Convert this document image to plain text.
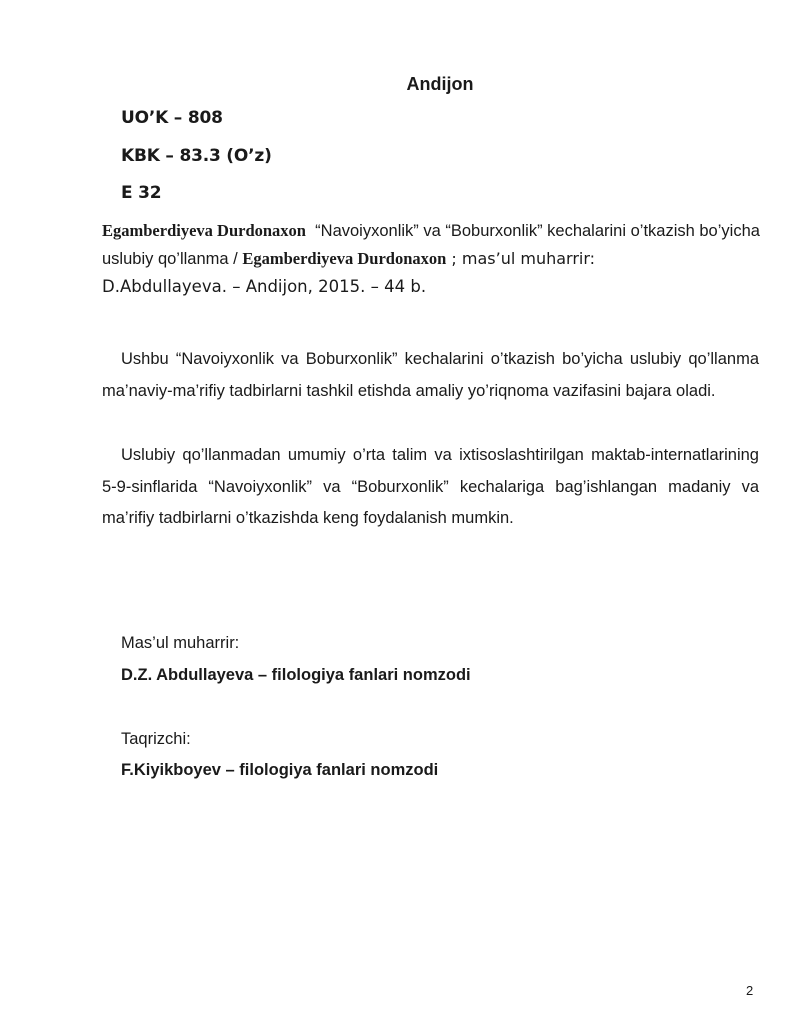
Andijon
UO’K – 808
KBK – 83.3 (O’z)
E 32
Egamberdiyeva Durdonaxon “Navoiyxonlik” va “Boburxonlik” kechalarini o’tkazish bo’yicha uslubiy qo’llanma / Egamberdiyeva Durdonaxon ; mas’ul muharrir:
D.Abdullayeva. – Andijon, 2015. – 44 b.

Ushbu “Navoiyxonlik va Boburxonlik” kechalarini o’tkazish bo’yicha uslubiy qo’llanma ma’naviy-ma’rifiy tadbirlarni tashkil etishda amaliy yo’riqnoma vazifasini bajara oladi.

Uslubiy qo’llanmadan umumiy o’rta talim va ixtisoslashtirilgan maktab-internatlarining 5-9-sinflarida “Navoiyxonlik” va “Boburxonlik” kechalariga bag’ishlangan madaniy va ma’rifiy tadbirlarni o’tkazishda keng foydalanish mumkin.

Mas’ul muharrir:
D.Z. Abdullayeva – filologiya fanlari nomzodi
Taqrizchi:
F.Kiyikboyev – filologiya fanlari nomzodi
2
